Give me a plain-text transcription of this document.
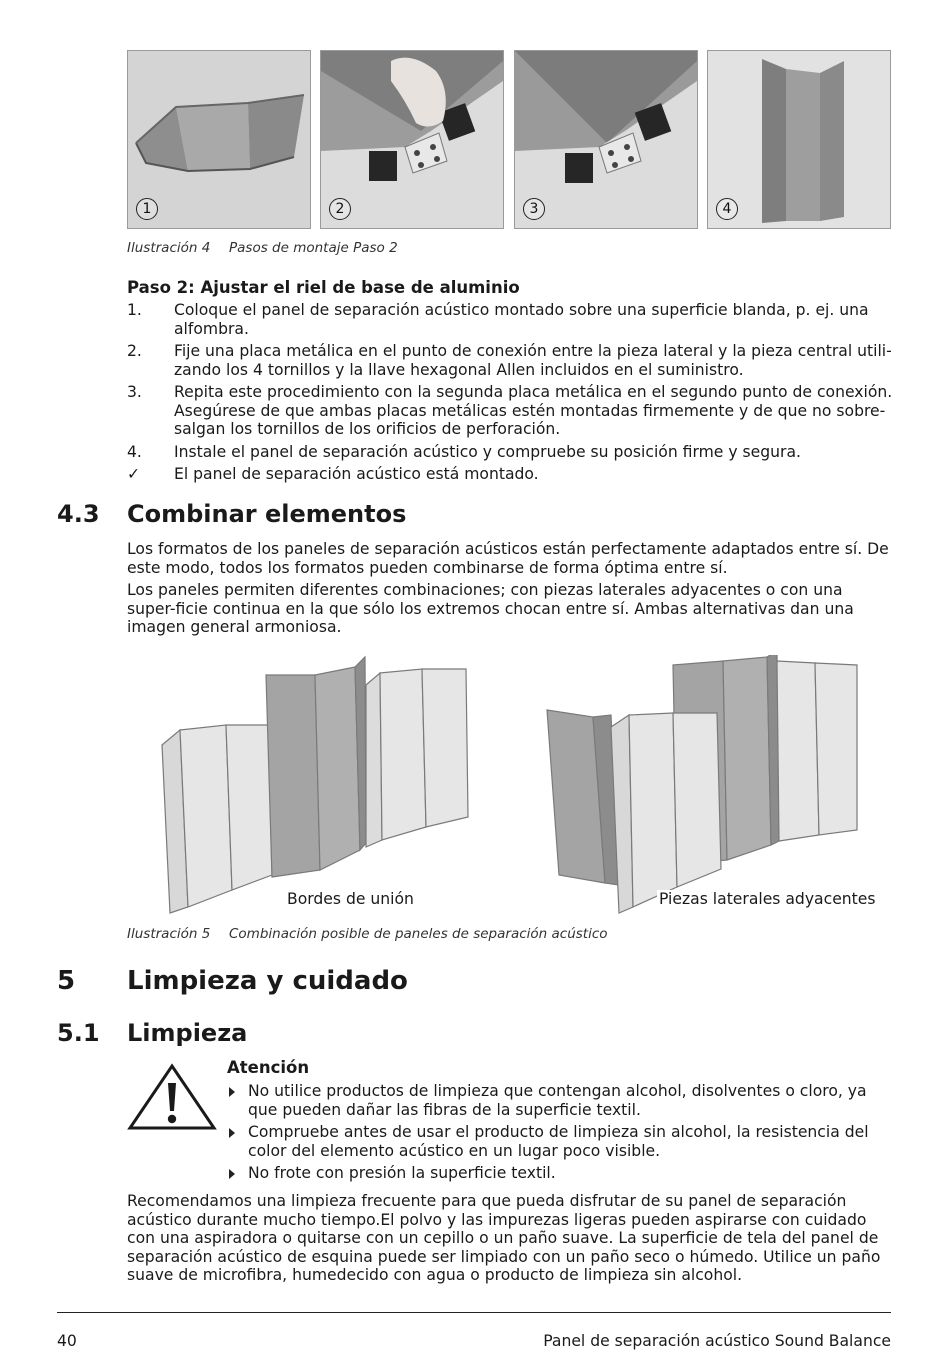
1	2	3	4
Ilustración 4 Pasos de montaje Paso 2
Paso 2: Ajustar el riel de base de aluminio
1. Coloque el panel de separación acústico montado sobre una superficie blanda, p. ej. una alfombra.
2. Fije una placa metálica en el punto de conexión entre la pieza lateral y la pieza central utili-zando los 4 tornillos y la llave hexagonal Allen incluidos en el suministro.
3. Repita este procedimiento con la segunda placa metálica en el segundo punto de conexión. Asegúrese de que ambas placas metálicas estén montadas firmemente y de que no sobre-salgan los tornillos de los orificios de perforación.
4. Instale el panel de separación acústico y compruebe su posición firme y segura.
✓ El panel de separación acústico está montado.
4.3 Combinar elementos
Los formatos de los paneles de separación acústicos están perfectamente adaptados entre sí. De este modo, todos los formatos pueden combinarse de forma óptima entre sí.
Los paneles permiten diferentes combinaciones; con piezas laterales adyacentes o con una super-ficie continua en la que sólo los extremos chocan entre sí. Ambas alternativas dan una imagen general armoniosa.
Bordes de unión	Piezas laterales adyacentes
Ilustración 5 Combinación posible de paneles de separación acústico
5 Limpieza y cuidado
5.1 Limpieza
Atención
No utilice productos de limpieza que contengan alcohol, disolventes o cloro, ya que pueden dañar las fibras de la superficie textil.
Compruebe antes de usar el producto de limpieza sin alcohol, la resistencia del color del elemento acústico en un lugar poco visible.
No frote con presión la superficie textil.
Recomendamos una limpieza frecuente para que pueda disfrutar de su panel de separación acústico durante mucho tiempo.El polvo y las impurezas ligeras pueden aspirarse con cuidado con una aspiradora o quitarse con un cepillo o un paño suave. La superficie de tela del panel de separación acústico de esquina puede ser limpiado con un paño seco o húmedo. Utilice un paño suave de microfibra, humedecido con agua o producto de limpieza sin alcohol.
40	Panel de separación acústico Sound Balance
